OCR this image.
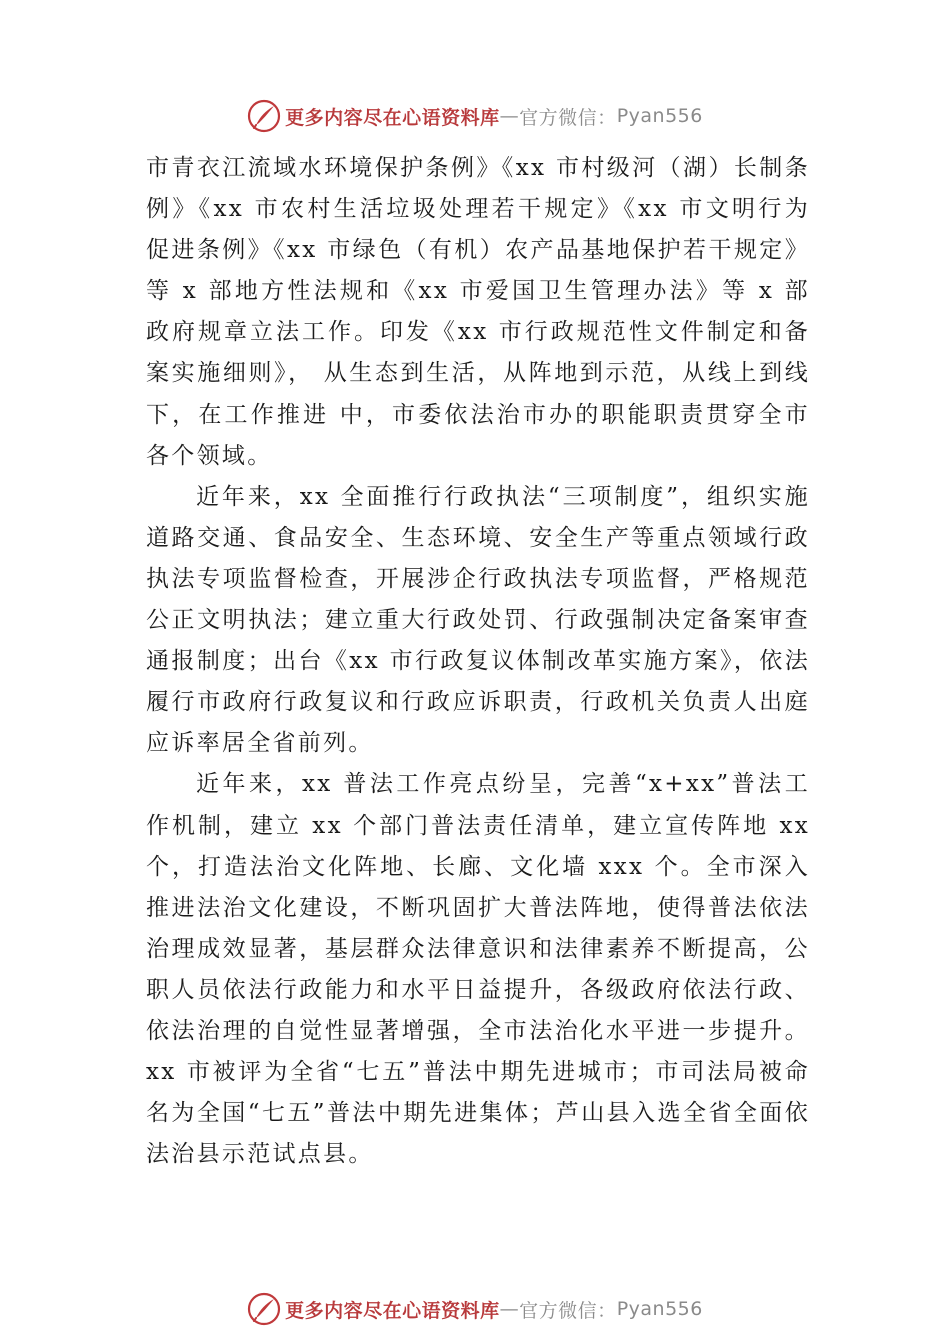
更多内容尽在心语资料库 — 官方微信： Pyan556

市青衣江流域水环境保护条例》《xx 市村级河（湖）长制条例》《xx 市农村生活垃圾处理若干规定》《xx 市文明行为促进条例》《xx 市绿色（有机）农产品基地保护若干规定》等 x 部地方性法规和《xx 市爱国卫生管理办法》等 x 部政府规章立法工作。印发《xx 市行政规范性文件制定和备案实施细则》， 从生态到生活，从阵地到示范，从线上到线下，在工作推进 中，市委依法治市办的职能职责贯穿全市各个领域。

近年来，xx 全面推行行政执法“三项制度”，组织实施道路交通、食品安全、生态环境、安全生产等重点领域行政执法专项监督检查，开展涉企行政执法专项监督，严格规范公正文明执法；建立重大行政处罚、行政强制决定备案审查通报制度；出台《xx 市行政复议体制改革实施方案》，依法履行市政府行政复议和行政应诉职责，行政机关负责人出庭应诉率居全省前列。

近年来，xx 普法工作亮点纷呈，完善“x+xx”普法工作机制，建立 xx 个部门普法责任清单，建立宣传阵地 xx 个，打造法治文化阵地、长廊、文化墙 xxx 个。全市深入推进法治文化建设，不断巩固扩大普法阵地，使得普法依法治理成效显著，基层群众法律意识和法律素养不断提高，公职人员依法行政能力和水平日益提升，各级政府依法行政、依法治理的自觉性显著增强，全市法治化水平进一步提升。xx 市被评为全省“七五”普法中期先进城市；市司法局被命名为全国“七五”普法中期先进集体；芦山县入选全省全面依法治县示范试点县。

更多内容尽在心语资料库 — 官方微信： Pyan556
